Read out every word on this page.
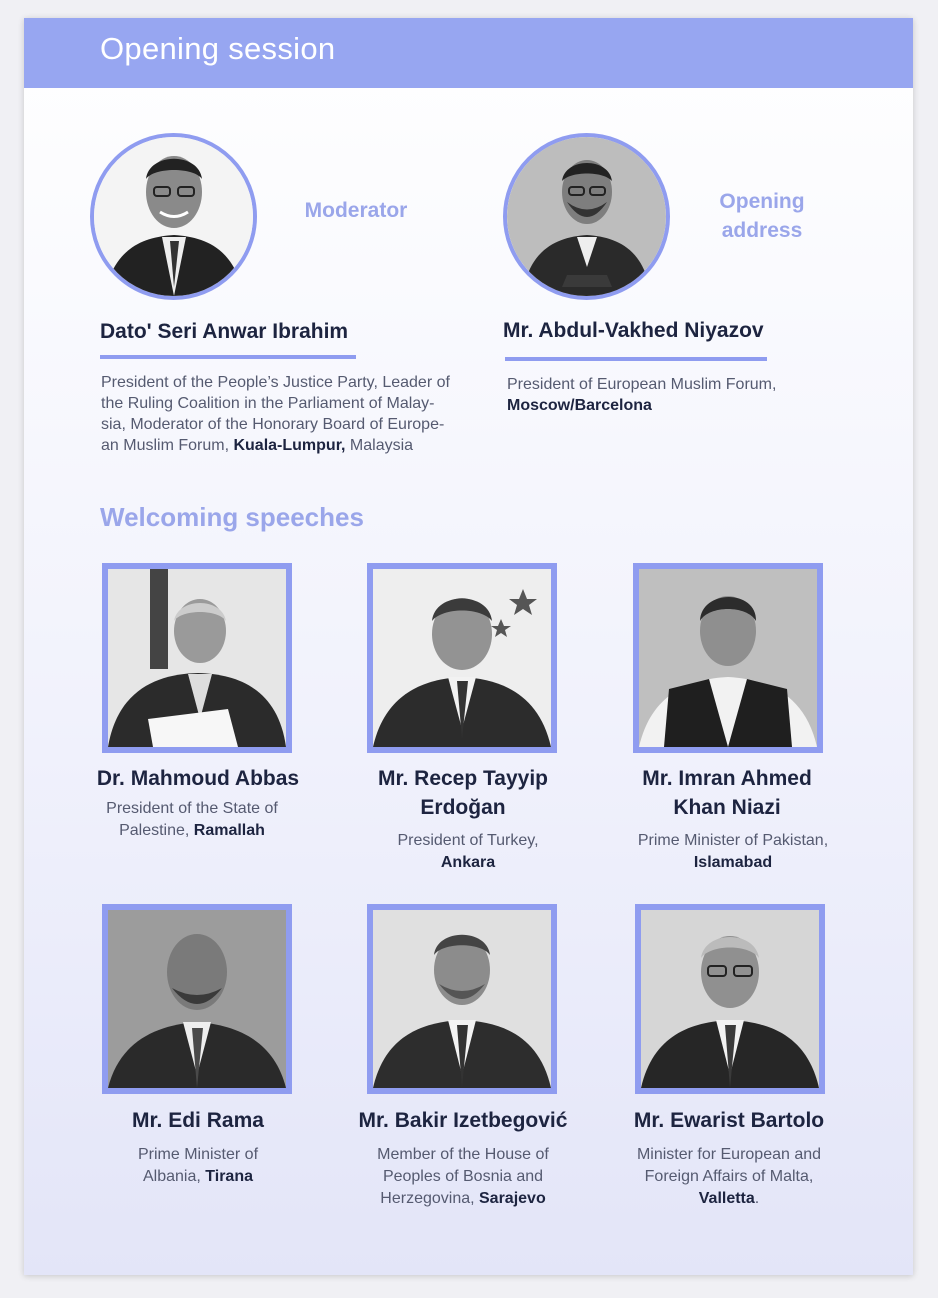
Opening session
Moderator
Dato' Seri Anwar Ibrahim
President of the People’s Justice Party, Leader of the Ruling Coalition in the Parliament of Malay-sia, Moderator of the Honorary Board of Europe-an Muslim Forum, Kuala-Lumpur, Malaysia
Opening
address
Mr. Abdul-Vakhed Niyazov
President of European Muslim Forum,
Moscow/Barcelona
Welcoming speeches
Dr. Mahmoud Abbas
President of the State of
Palestine, Ramallah
Mr. Recep Tayyip
Erdoğan
President of Turkey,
Ankara
Mr. Imran Ahmed
Khan Niazi
Prime Minister of Pakistan,
Islamabad
Mr. Edi Rama
Prime Minister of
Albania, Tirana
Mr. Bakir Izetbegović
Member of the House of
Peoples of Bosnia and
Herzegovina, Sarajevo
Mr. Ewarist Bartolo
Minister for European and
Foreign Affairs of Malta,
Valletta.
